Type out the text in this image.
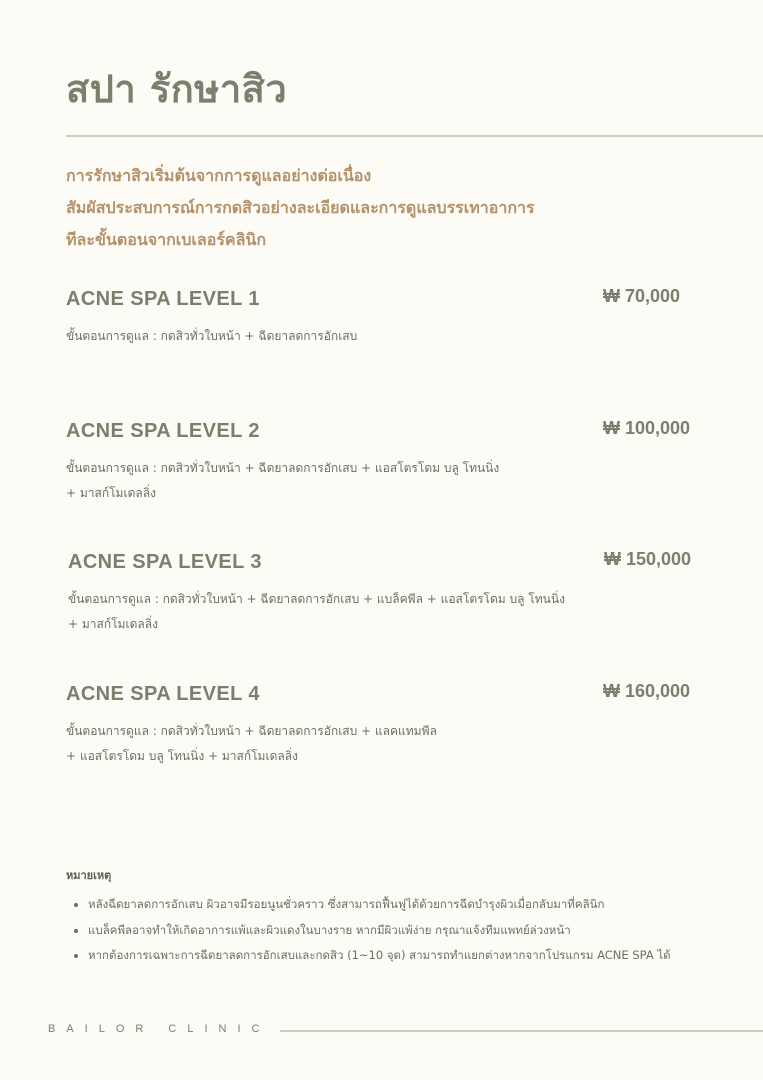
สปา รักษาสิว
การรักษาสิวเริ่มต้นจากการดูแลอย่างต่อเนื่อง
สัมผัสประสบการณ์การกดสิวอย่างละเอียดและการดูแลบรรเทาอาการ
ทีละขั้นตอนจากเบเลอร์คลินิก
ACNE SPA LEVEL 1	₩ 70,000
ขั้นตอนการดูแล : กดสิวทั่วใบหน้า + ฉีดยาลดการอักเสบ
ACNE SPA LEVEL 2	₩ 100,000
ขั้นตอนการดูแล : กดสิวทั่วใบหน้า + ฉีดยาลดการอักเสบ + แอสโตรโดม บลู โทนนิ่ง
+ มาสก์โมเดลลิ่ง
ACNE SPA LEVEL 3	₩ 150,000
ขั้นตอนการดูแล : กดสิวทั่วใบหน้า + ฉีดยาลดการอักเสบ + แบล็คพีล + แอสโตรโดม บลู โทนนิ่ง
+ มาสก์โมเดลลิ่ง
ACNE SPA LEVEL 4	₩ 160,000
ขั้นตอนการดูแล : กดสิวทั่วใบหน้า + ฉีดยาลดการอักเสบ + แลคแทมพีล
+ แอสโตรโดม บลู โทนนิ่ง + มาสก์โมเดลลิ่ง
หมายเหตุ
• หลังฉีดยาลดการอักเสบ ผิวอาจมีรอยนูนชั่วคราว ซึ่งสามารถฟื้นฟูได้ด้วยการฉีดบำรุงผิวเมื่อกลับมาที่คลินิก
• แบล็คพีลอาจทำให้เกิดอาการแพ้และผิวแดงในบางราย หากมีผิวแพ้ง่าย กรุณาแจ้งทีมแพทย์ล่วงหน้า
• หากต้องการเฉพาะการฉีดยาลดการอักเสบและกดสิว (1~10 จุด) สามารถทำแยกต่างหากจากโปรแกรม ACNE SPA ได้
BAILOR CLINIC
